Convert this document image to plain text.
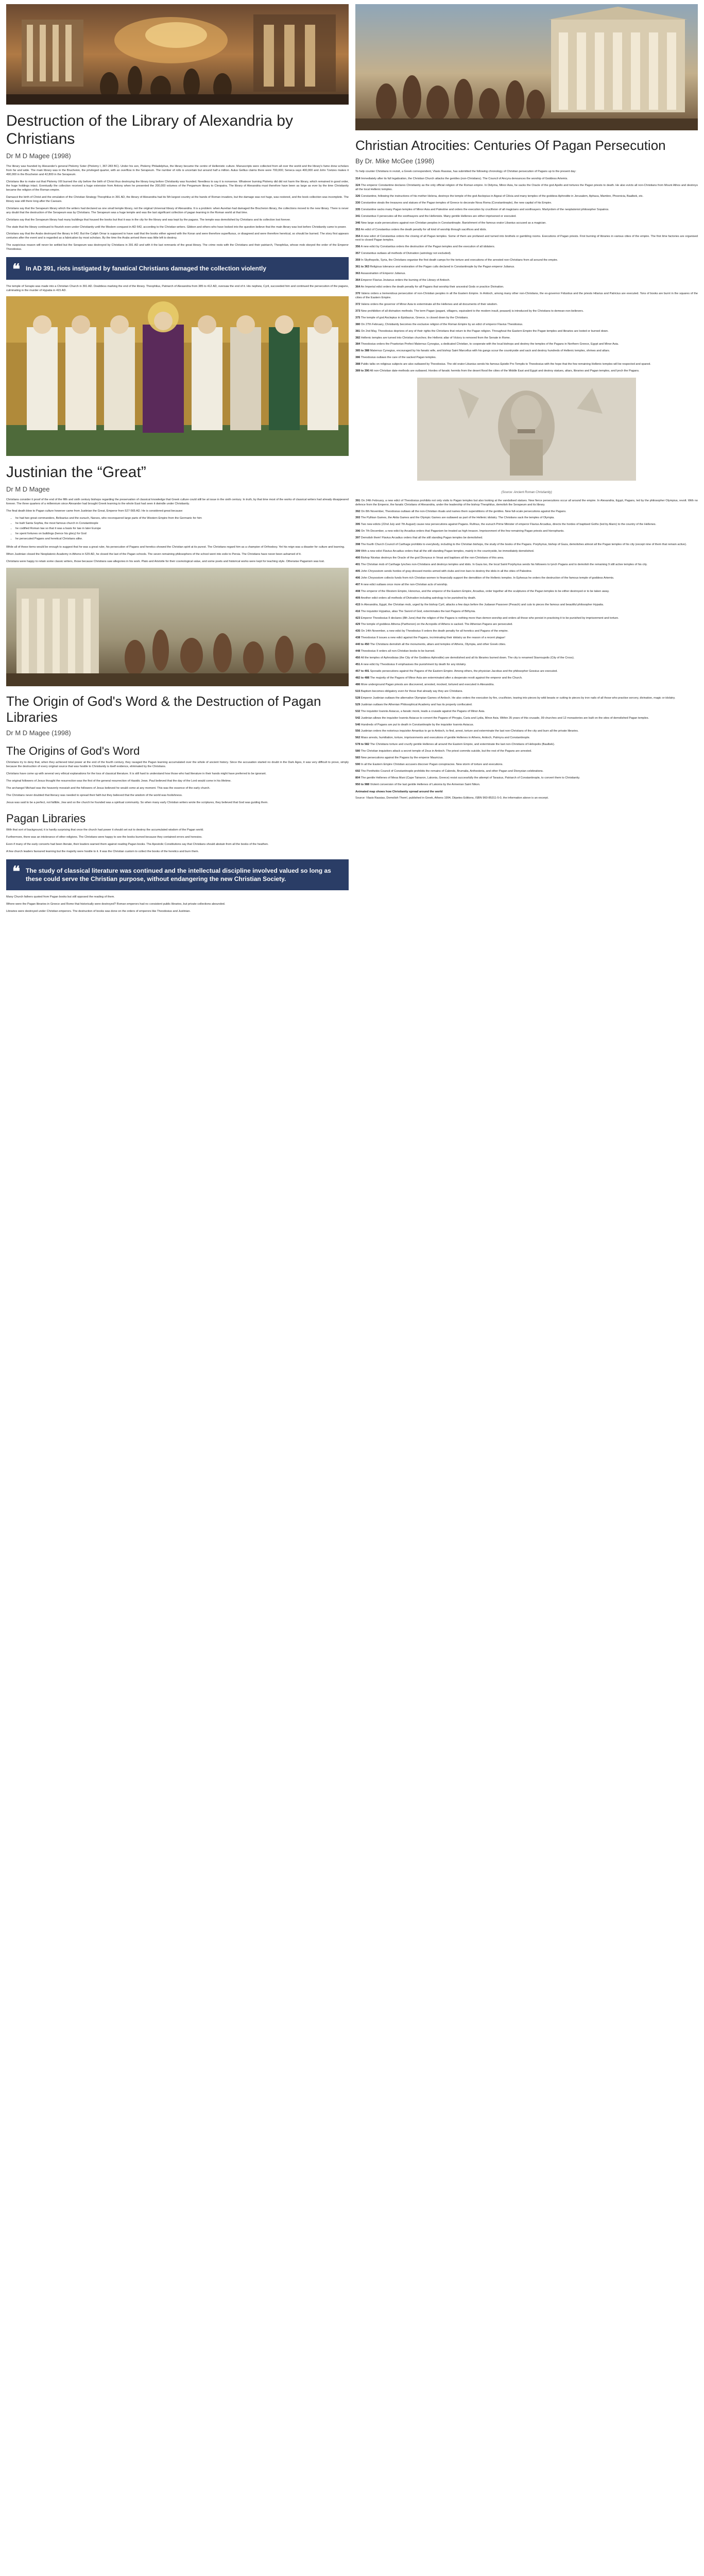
Destruction of the Library of Alexandria by Christians
Dr M D Magee (1998)

The library was founded by Alexander's general Ptolemy Soter (Ptolemy I, 367-283 BC). Under his son, Ptolemy Philadelphus, the library became the centre of Hellenistic culture. Manuscripts were collected from all over the world and the library's fame drew scholars from far and wide. The main library was in the Brucheion, the privileged quarter, with an overflow in the Serapeum. The number of rolls is uncertain but around half a million. Aulus Gellius claims there were 700,000; Seneca says 400,000 and John Tzetzes makes it 490,000 in the Brucheion and 42,800 in the Serapeum.

Christians like to make out that Ptolemy XIII burned the city before the birth of Christ thus destroying the library long before Christianity was founded. Needless to say it is nonsense. Whatever burning Ptolemy did did not harm the library, which remained in good order, the huge holdings intact. Eventually the collection received a huge extension from Antony when he presented the 200,000 volumes of the Pergamum library to Cleopatra. The library of Alexandria must therefore have been as large as ever by the time Christianity became the religion of the Roman empire.

Damascii the birth of Christ and the emulation of the Christian Strategy Theophilus in 391 AD, the library of Alexandria had its 5th largest country at the hands of Roman invaders, but the damage was not huge, was restored, and the book collection was incomplete. The library was still there long after the Caesars.

Christians say that the Serapeum library which the writers had declared as one small temple library, not the original Universal library of Alexandria. It is a problem: when Aurelian had damaged the Brucheion library, the collections moved to the new library. There is never any doubt that the destruction of the Serapeum was by Christians. The Serapeum was a huge temple and was the last significant collection of pagan learning in the Roman world at that time.

Christians say that the Serapeum library had many buildings that housed the books but that it was in the city for the library and was kept by the pagans. The temple was demolished by Christians and its collection lost forever.

The state that the library continued to flourish even under Christianity until the Moslem conquest in AD 642, according to the Christian writers. Gibbon and others who have looked into the question believe that the main library was lost before Christianity came to power.

Christians say that the Arabs destroyed the library in 642. But the Caliph Omar is supposed to have said that the books either agreed with the Koran and were therefore superfluous, or disagreed and were therefore heretical, so should be burned. The story first appears centuries after the event and is regarded as a fabrication by most scholars. By the time the Arabs arrived there was little left to destroy.

The suspicious reason will never be settled but the Serapeum was destroyed by Christians in 391 AD and with it the last remnants of the great library. The crime rests with the Christians and their patriarch, Theophilus, whose mob obeyed the order of the Emperor Theodosius.

❝ In AD 391, riots instigated by fanatical Christians damaged the collection violently

The temple of Serapis was made into a Christian Church in 391 AD. Doubtless marking the end of the library. Theophilus, Patriarch of Alexandria from 385 to 412 AD, oversaw the end of it. His nephew, Cyril, succeeded him and continued the persecution of the pagans, culminating in the murder of Hypatia in 415 AD.

Justinian the “Great”
Dr M D Magee

Christians consider it proof of the end of the fifth and sixth century bishops regarding the preservation of classical knowledge that Greek culture could still be at issue in the sixth century. In truth, by that time most of the works of classical writers had already disappeared forever. The three quarters of a millennium since Alexander had brought Greek learning to the whole East had seen it dwindle under Christianity.

The final death blow to Pagan culture however came from Justinian the Great, Emperor from 527-565 AD. He is considered great because:

• he had two great commanders, Belisarius and the eunuch, Narses, who reconquered large parts of the Western Empire from the Germanic for him
• he built Santa Sophia, the most famous church in Constantinople
• he codified Roman law so that it was a basis for law in later Europe
• he spent fortunes on buildings (hence his glory) for God
• he persecuted Pagans and heretical Christians alike.

While all of these items would be enough to suggest that he was a great ruler, his persecution of Pagans and heretics showed the Christian spirit at its purest. The Christians regard him as a champion of Orthodoxy. Yet his reign was a disaster for culture and learning.

When Justinian closed the Neoplatonic Academy in Athens in 529 AD, he closed the last of the Pagan schools. The seven remaining philosophers of the school went into exile to Persia. The Christians have never been ashamed of it.

Christians were happy to retain some classic writers, those because Christians saw allegories in his work. Plato and Aristotle for their cosmological value, and some poets and historical works were kept for teaching style. Otherwise Paganism was lost.

The Origin of God's Word & the Destruction of Pagan Libraries
Dr M D Magee (1998)
The Origins of God's Word

Christians try to deny that, when they achieved total power at the end of the fourth century, they ravaged the Pagan learning accumulated over the whole of ancient history. Since the accusation started no doubt in the Dark Ages, it was very difficult to prove, simply because the destruction of every original source that was hostile to Christianity is itself evidence, eliminated by the Christians.

Christians have come up with several very ethical explanations for the loss of classical literature. It is still hard to understand how those who had literature in their hands might have preferred to be ignorant.

The original followers of Jesus thought the resurrection was the first of the general resurrection of Hasidic Jews. Paul believed that the day of the Lord would come in his lifetime.

The archangel Michael was the heavenly messiah and the followers of Jesus believed he would come at any moment. This was the essence of the early church.

The Christians never doubted that literacy was needed to spread their faith but they believed that the wisdom of the world was foolishness.

Jesus was said to be a perfect, not fallible, Jew and so the church he founded was a spiritual community. So when many early Christian writers wrote the scriptures, they believed that God was guiding them.

Pagan Libraries

With that sort of background, it is hardly surprising that once the church had power it should set out to destroy the accumulated wisdom of the Pagan world.

Furthermore, there was an intolerance of other religions. The Christians were happy to see the books burned because they contained errors and heresies.

Even if many of the early converts had been literate, their leaders warned them against reading Pagan books. The Apostolic Constitutions say that Christians should abstain from all the books of the heathen.

A few church leaders favoured learning but the majority were hostile to it. It was the Christian custom to collect the books of the heretics and burn them.

❝ The study of classical literature was continued and the intellectual discipline involved valued so long as these could serve the Christian purpose, without endangering the new Christian Society.

Many Church fathers quoted from Pagan books but still opposed the reading of them.

Where were the Pagan libraries in Greece and Rome that historically were destroyed? Roman emperors had no consistent public libraries, but private collections abounded.

Libraries were destroyed under Christian emperors. The destruction of books was done on the orders of emperors like Theodosius and Justinian.

Christian Atrocities: Centuries Of Pagan Persecution
By Dr. Mike McGee (1998)

To help counter Christians in revisit, a Greek correspondent, Vlasis Rassias, has submitted the following chronology of Christian persecution of Pagans up to the present day:

314 Immediately after its full legalization, the Christian Church attacks the gentiles (non-Christians). The Council of Ancyra denounces the worship of Goddess Artemis.

324 The emperor Constantine declares Christianity as the only official religion of the Roman empire. In Didyma, Minor Asia, he sacks the Oracle of the god Apollo and tortures the Pagan priests to death. He also evicts all non-Christians from Mount Athos and destroys all the local Hellenic temples.

326 Constantine, following the instructions of his mother Helena, destroys the temple of the god Asclepius in Aigeai of Cilicia and many temples of the goddess Aphrodite in Jerusalem, Aphaca, Mambre, Phoenicia, Baalbek, etc.

330 Constantine steals the treasures and statues of the Pagan temples of Greece to decorate Nova Roma (Constantinople), the new capital of his Empire.

335 Constantine sacks many Pagan temples of Minor Asia and Palestine and orders the execution by crucifixion of all magicians and soothsayers. Martyrdom of the neoplatonist philosopher Sopatros.

341 Constantius II persecutes all the soothsayers and the Hellenists. Many gentile Hellenes are either imprisoned or executed.

346 New large scale persecutions against non-Christian peoples in Constantinople. Banishment of the famous orator Libanius accused as a magician.

353 An edict of Constantius orders the death penalty for all kind of worship through sacrifices and idols.

354 A new edict of Constantius orders the closing of all Pagan temples. Some of them are profaned and turned into brothels or gambling rooms. Executions of Pagan priests. First burning of libraries in various cities of the empire. The first lime factories are organised next to closed Pagan temples.

356 A new edict by Constantius orders the destruction of the Pagan temples and the execution of all idolaters.

357 Constantius outlaws all methods of Divination (astrology not excluded).

359 In Skythopolis, Syria, the Christians organise the first death camps for the torture and executions of the arrested non-Christians from all around the empire.

361 to 363 Religious tolerance and restoration of the Pagan cults declared in Constantinople by the Pagan emperor Julianus.

363 Assassination of Emperor Julianus.

364 Emperor Flavius Jovianus orders the burning of the Library of Antioch.

364 An Imperial edict orders the death penalty for all Pagans that worship their ancestral Gods or practice Divination.

370 Valens orders a tremendous persecution of non-Christian peoples in all the Eastern Empire. In Antioch, among many other non-Christians, the ex-governor Fidustius and the priests Hilarius and Patricius are executed. Tons of books are burnt in the squares of the cities of the Eastern Empire.

372 Valens orders the governor of Minor Asia to exterminate all the Hellenes and all documents of their wisdom.

373 New prohibition of all divination methods. The term Pagan (pagani, villagers, equivalent to the modern insult, peasant) is introduced by the Christians to demean non-believers.

375 The temple of god Asclepius in Epidaurus, Greece, is closed down by the Christians.

380 On 27th February, Christianity becomes the exclusive religion of the Roman Empire by an edict of emperor Flavius Theodosius.

381 On 2nd May, Theodosius deprives of any of their rights the Christians that return to the Pagan religion. Throughout the Eastern Empire the Pagan temples and libraries are looted or burned down.

382 Hellenic temples are turned into Christian churches; the Hellenic altar of Victory is removed from the Senate in Rome.

384 Theodosius orders the Praetorian Prefect Maternus Cynegius, a dedicated Christian, to cooperate with the local bishops and destroy the temples of the Pagans in Northern Greece, Egypt and Minor Asia.

385 to 388 Maternus Cynegius, encouraged by his fanatic wife, and bishop Saint Marcellus with his gangs scour the countryside and sack and destroy hundreds of Hellenic temples, shrines and altars.

386 Theodosius outlaws the care of the sacked Pagan temples.

388 Public talks on religious subjects are also outlawed by Theodosius. The old orator Libanius sends his famous Epistle Pro Templis to Theodosius with the hope that the few remaining Hellenic temples will be respected and spared.

389 to 390 All non-Christian date-methods are outlawed. Hordes of fanatic hermits from the desert flood the cities of the Middle East and Egypt and destroy statues, altars, libraries and Pagan temples, and lynch the Pagans.

(Source: Ancient Roman Christianity)

391 On 24th February, a new edict of Theodosius prohibits not only visits to Pagan temples but also looking at the vandalised statues. New fierce persecutions occur all around the empire. In Alexandria, Egypt, Pagans, led by the philosopher Olympius, revolt. With no defence from the Emperor, the fanatic Christians of Alexandria, under the leadership of the bishop Theophilus, demolish the Serapeum and its library.

392 On 8th November, Theodosius outlaws all the non-Christian rituals and names them superstitions of the gentiles. New full-scale persecutions against the Pagans.

393 The Pythian Games, the Aktia Games and the Olympic Games are outlawed as part of the Hellenic idolatry. The Christians sack the temples of Olympia.

395 Two new edicts (22nd July and 7th August) cause new persecutions against Pagans. Rufinus, the eunuch Prime Minister of emperor Flavius Arcadius, directs the hordes of baptised Goths (led by Alaric) to the country of the Hellenes.

396 On 7th December, a new edict by Arcadius orders that Paganism be treated as high treason. Imprisonment of the few remaining Pagan priests and hierophants.

397 Demolish them! Flavius Arcadius orders that all the still standing Pagan temples be demolished.

398 The fourth Church Council of Carthage prohibits to everybody, including to the Christian bishops, the study of the books of the Pagans. Porphyrius, bishop of Gaza, demolishes almost all the Pagan temples of his city (except nine of them that remain active).

399 With a new edict Flavius Arcadius orders that all the still standing Pagan temples, mainly in the countryside, be immediately demolished.

400 Bishop Nicetas destroys the Oracle of the god Dionysus in Vesai and baptises all the non-Christians of this area.

401 The Christian mob of Carthage lynches non-Christians and destroys temples and idols. In Gaza too, the local Saint Porphyrius sends his followers to lynch Pagans and to demolish the remaining 9 still active temples of his city.

405 John Chrysostom sends hordes of gray-dressed monks armed with clubs and iron bars to destroy the idols in all the cities of Palestine.

406 John Chrysostom collects funds from rich Christian women to financially support the demolition of the Hellenic temples. In Ephesus he orders the destruction of the famous temple of goddess Artemis.

407 A new edict outlaws once more all the non-Christian acts of worship.

408 The emperor of the Western Empire, Honorius, and the emperor of the Eastern Empire, Arcadius, order together all the sculptures of the Pagan temples to be either destroyed or to be taken away.

409 Another edict orders all methods of Divination including astrology to be punished by death.

415 In Alexandria, Egypt, the Christian mob, urged by the bishop Cyril, attacks a few days before the Judaean Passover (Pesach) and cuts to pieces the famous and beautiful philosopher Hypatia.

416 The inquisitor Hypatius, alias The Sword of God, exterminates the last Pagans of Bithynia.

423 Emperor Theodosius II declares (8th June) that the religion of the Pagans is nothing more than demon worship and orders all those who persist in practicing it to be punished by imprisonment and torture.

429 The temple of goddess Athena (Parthenon) on the Acropolis of Athens is sacked. The Athenian Pagans are persecuted.

435 On 14th November, a new edict by Theodosius II orders the death penalty for all heretics and Pagans of the empire.

438 Theodosius II issues a new edict against the Pagans, incriminating their idolatry as the reason of a recent plague!

440 to 450 The Christians demolish all the monuments, altars and temples of Athens, Olympia, and other Greek cities.

448 Theodosius II orders all non-Christian books to be burned.

450 All the temples of Aphrodisias (the City of the Goddess Aphrodite) are demolished and all its libraries burned down. The city is renamed Stavroupolis (City of the Cross).

451 A new edict by Theodosius II emphasises the punishment by death for any idolatry.

457 to 491 Sporadic persecutions against the Pagans of the Eastern Empire. Among others, the physician Jacobus and the philosopher Gessius are executed.

482 to 488 The majority of the Pagans of Minor Asia are exterminated after a desperate revolt against the emperor and the Church.

486 More underground Pagan priests are discovered, arrested, mocked, tortured and executed in Alexandria.

515 Baptism becomes obligatory even for those that already say they are Christians.

528 Emperor Justinian outlaws the alternative Olympian Games of Antioch. He also orders the execution by fire, crucifixion, tearing into pieces by wild beasts or cutting to pieces by iron nails of all those who practise sorcery, divination, magic or idolatry.

529 Justinian outlaws the Athenian Philosophical Academy and has its property confiscated.

532 The inquisitor Ioannis Asiacus, a fanatic monk, leads a crusade against the Pagans of Minor Asia.

542 Justinian allows the inquisitor Ioannis Asiacus to convert the Pagans of Phrygia, Caria and Lydia, Minor Asia. Within 35 years of this crusade, 99 churches and 12 monasteries are built on the sites of demolished Pagan temples.

546 Hundreds of Pagans are put to death in Constantinople by the inquisitor Ioannis Asiacus.

556 Justinian orders the notorious inquisitor Amantius to go to Antioch, to find, arrest, torture and exterminate the last non-Christians of the city and burn all the private libraries.

562 Mass arrests, humiliation, torture, imprisonments and executions of gentile Hellenes in Athens, Antioch, Palmyra and Constantinople.

578 to 582 The Christians torture and crucify gentile Hellenes all around the Eastern Empire, and exterminate the last non-Christians of Heliopolis (Baalbek).

580 The Christian inquisitors attack a secret temple of Zeus in Antioch. The priest commits suicide, but the rest of the Pagans are arrested.

583 New persecutions against the Pagans by the emperor Mauricius.

590 In all the Eastern Empire Christian accusers discover Pagan conspiracies. New storm of torture and executions.

692 The Penthekto Council of Constantinople prohibits the remains of Calends, Brumalia, Anthesteria, and other Pagan and Dionysian celebrations.

804 The gentile Hellenes of Mesa Mani (Cape Tainaron, Lakonia, Greece) resist successfully the attempt of Tarasius, Patriarch of Constantinople, to convert them to Christianity.

950 to 988 Violent conversion of the last gentile Hellenes of Lakonia by the Armenian Saint Nikon.

Animated map shows how Christianity spread around the world
Source: Vlasis Rassias, Demolish Them!, published in Greek, Athens 1994, Diipetes Editions, ISBN 960-85311-5-0, the information above is an excerpt.
